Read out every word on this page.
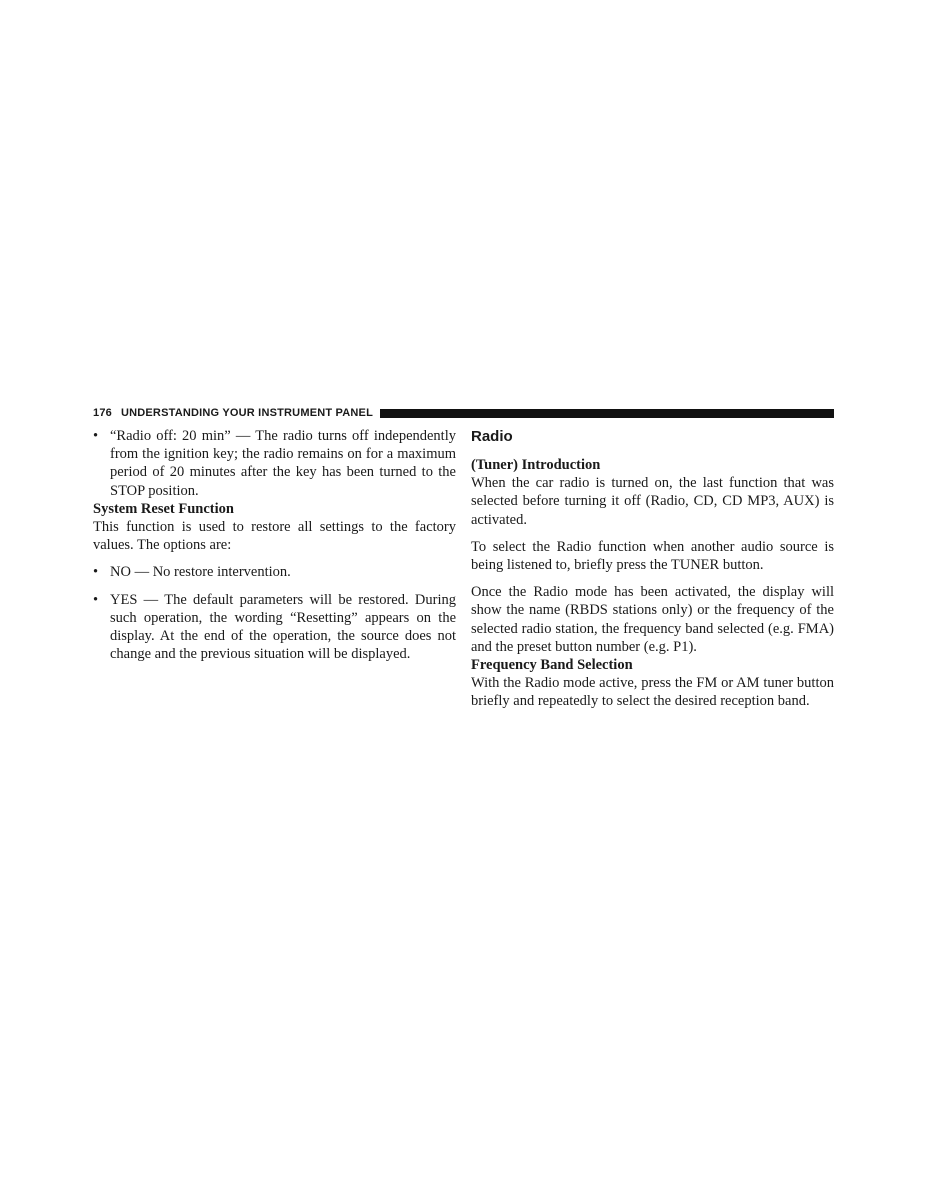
176 UNDERSTANDING YOUR INSTRUMENT PANEL
• “Radio off: 20 min” — The radio turns off independently from the ignition key; the radio remains on for a maximum period of 20 minutes after the key has been turned to the STOP position.

System Reset Function

This function is used to restore all settings to the factory values. The options are:

• NO — No restore intervention.
• YES — The default parameters will be restored. During such operation, the wording “Resetting” appears on the display. At the end of the operation, the source does not change and the previous situation will be displayed.

Radio

(Tuner) Introduction

When the car radio is turned on, the last function that was selected before turning it off (Radio, CD, CD MP3, AUX) is activated.

To select the Radio function when another audio source is being listened to, briefly press the TUNER button.

Once the Radio mode has been activated, the display will show the name (RBDS stations only) or the frequency of the selected radio station, the frequency band selected (e.g. FMA) and the preset button number (e.g. P1).

Frequency Band Selection

With the Radio mode active, press the FM or AM tuner button briefly and repeatedly to select the desired reception band.
